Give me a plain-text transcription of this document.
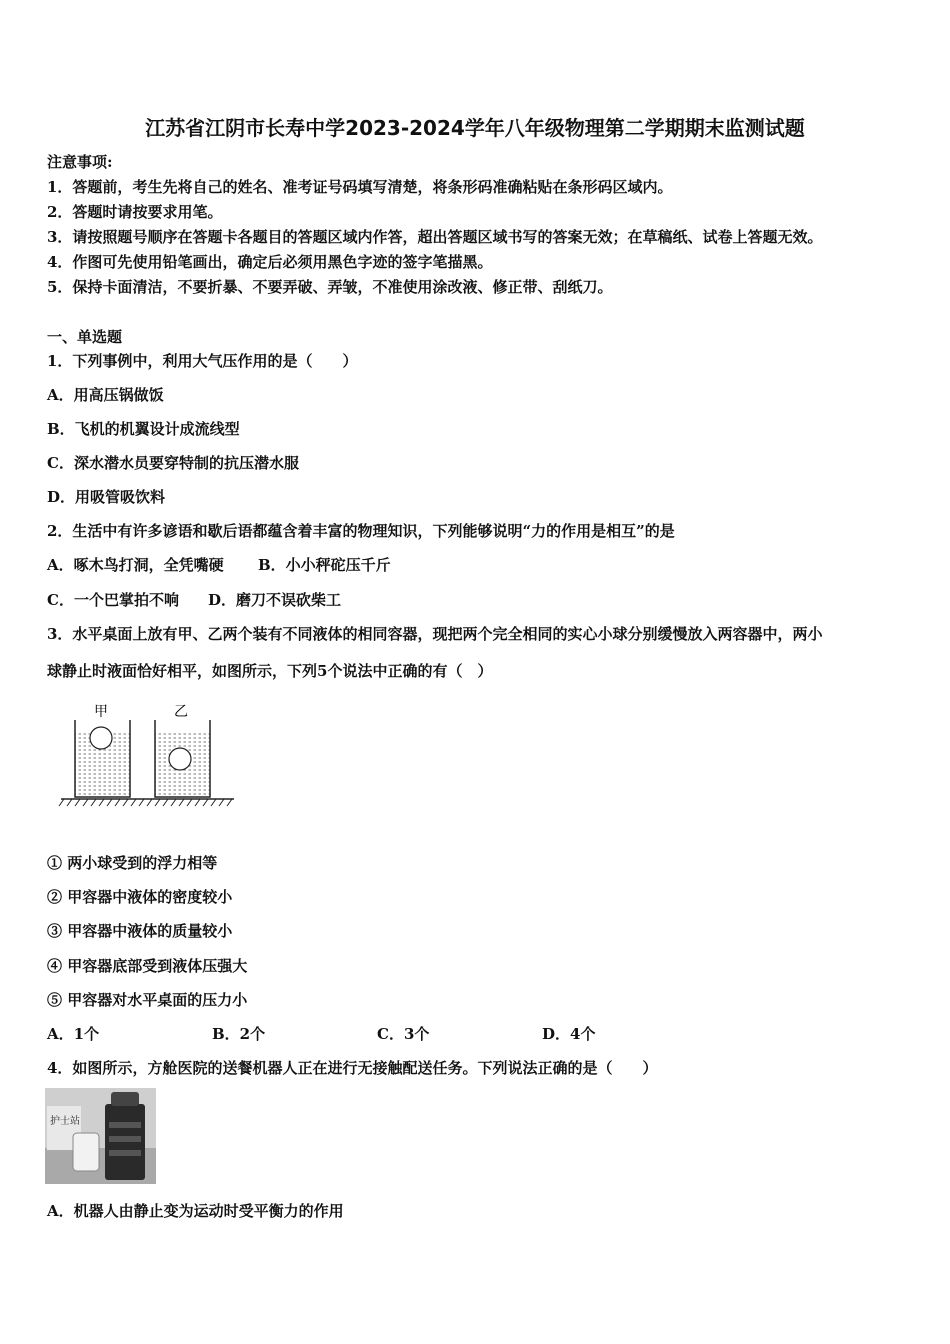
江苏省江阴市长寿中学2023-2024学年八年级物理第二学期期末监测试题
注意事项:
1．答题前，考生先将自己的姓名、准考证号码填写清楚，将条形码准确粘贴在条形码区域内。
2．答题时请按要求用笔。
3．请按照题号顺序在答题卡各题目的答题区域内作答，超出答题区域书写的答案无效；在草稿纸、试卷上答题无效。
4．作图可先使用铅笔画出，确定后必须用黑色字迹的签字笔描黑。
5．保持卡面清洁，不要折暴、不要弄破、弄皱，不准使用涂改液、修正带、刮纸刀。
一、单选题
1．下列事例中，利用大气压作用的是（　　）
A．用高压锅做饭
B．飞机的机翼设计成流线型
C．深水潜水员要穿特制的抗压潜水服
D．用吸管吸饮料
2．生活中有许多谚语和歇后语都蕴含着丰富的物理知识，下列能够说明“力的作用是相互”的是
A．啄木鸟打洞，全凭嘴硬 B．小小秤砣压千斤
C．一个巴掌拍不响 D．磨刀不误砍柴工
3．水平桌面上放有甲、乙两个装有不同液体的相同容器，现把两个完全相同的实心小球分别缓慢放入两容器中，两小
球静止时液面恰好相平，如图所示，下列5个说法中正确的有（　）
甲	乙
① 两小球受到的浮力相等
② 甲容器中液体的密度较小
③ 甲容器中液体的质量较小
④ 甲容器底部受到液体压强大
⑤ 甲容器对水平桌面的压力小
A．1个	B．2个	C．3个	D．4个
4．如图所示，方舱医院的送餐机器人正在进行无接触配送任务。下列说法正确的是（　　）
护士站
A．机器人由静止变为运动时受平衡力的作用
